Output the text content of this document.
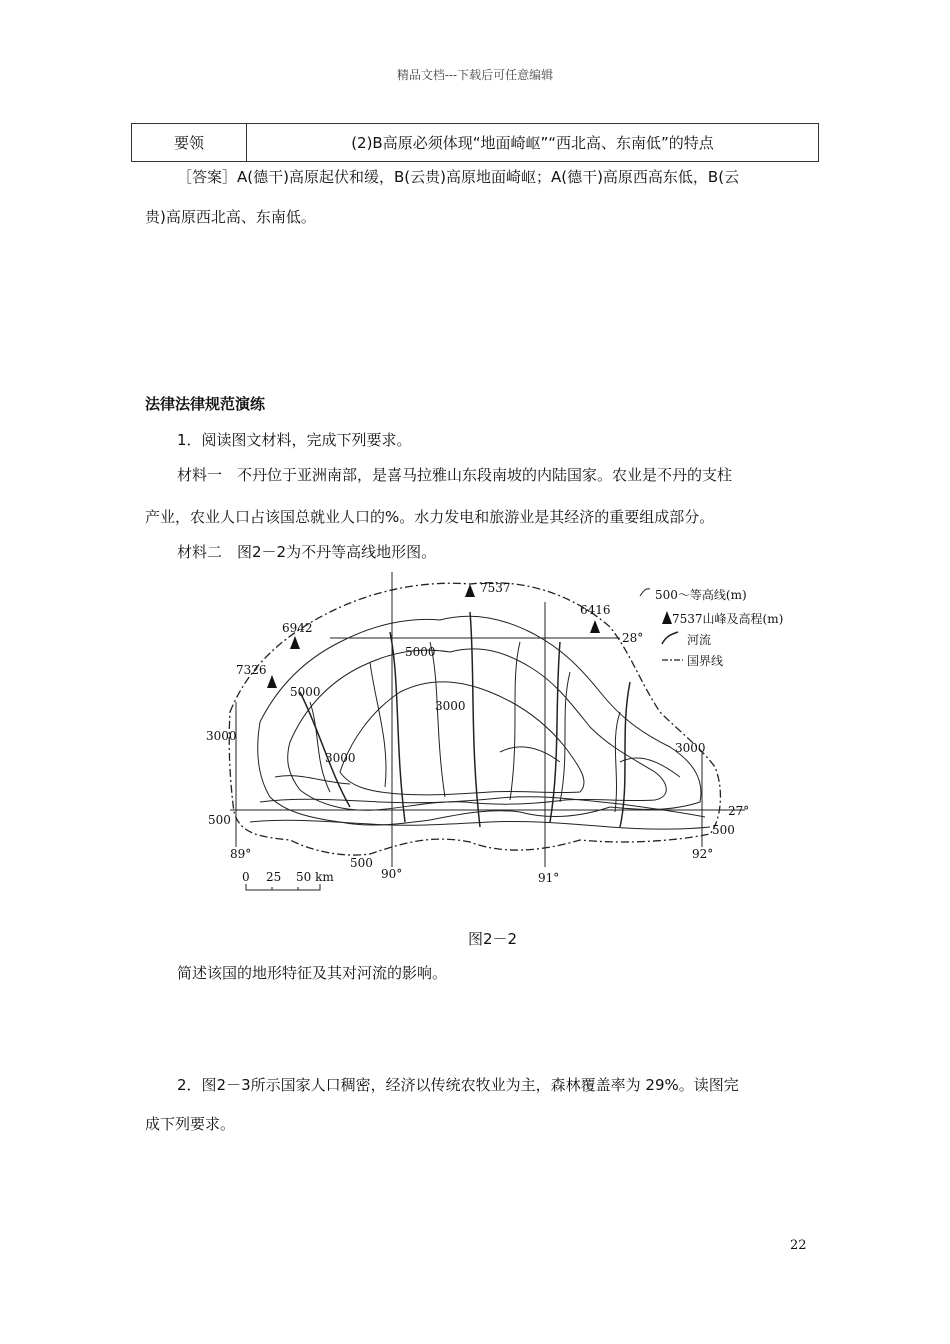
精品文档---下载后可任意编辑
要领	(2)B高原必须体现“地面崎岖”“西北高、东南低”的特点
［答案］A(德干)高原起伏和缓，B(云贵)高原地面崎岖；A(德干)高原西高东低，B(云
贵)高原西北高、东南低。
法律法律规范演练
1．阅读图文材料，完成下列要求。
材料一　不丹位于亚洲南部，是喜马拉雅山东段南坡的内陆国家。农业是不丹的支柱
产业，农业人口占该国总就业人口的%。水力发电和旅游业是其经济的重要组成部分。
材料二　图2－2为不丹等高线地形图。
7537
6416
6942
7326
5000
5000
3000
3000
3000
3000
500
500
500
28°
27°
89°
90°	91°
92°
500～等高线(m)
7537山峰及高程(m)
河流
国界线
0 25 50 km
图2－2
简述该国的地形特征及其对河流的影响。
2．图2－3所示国家人口稠密，经济以传统农牧业为主，森林覆盖率为 29%。读图完
成下列要求。
22
